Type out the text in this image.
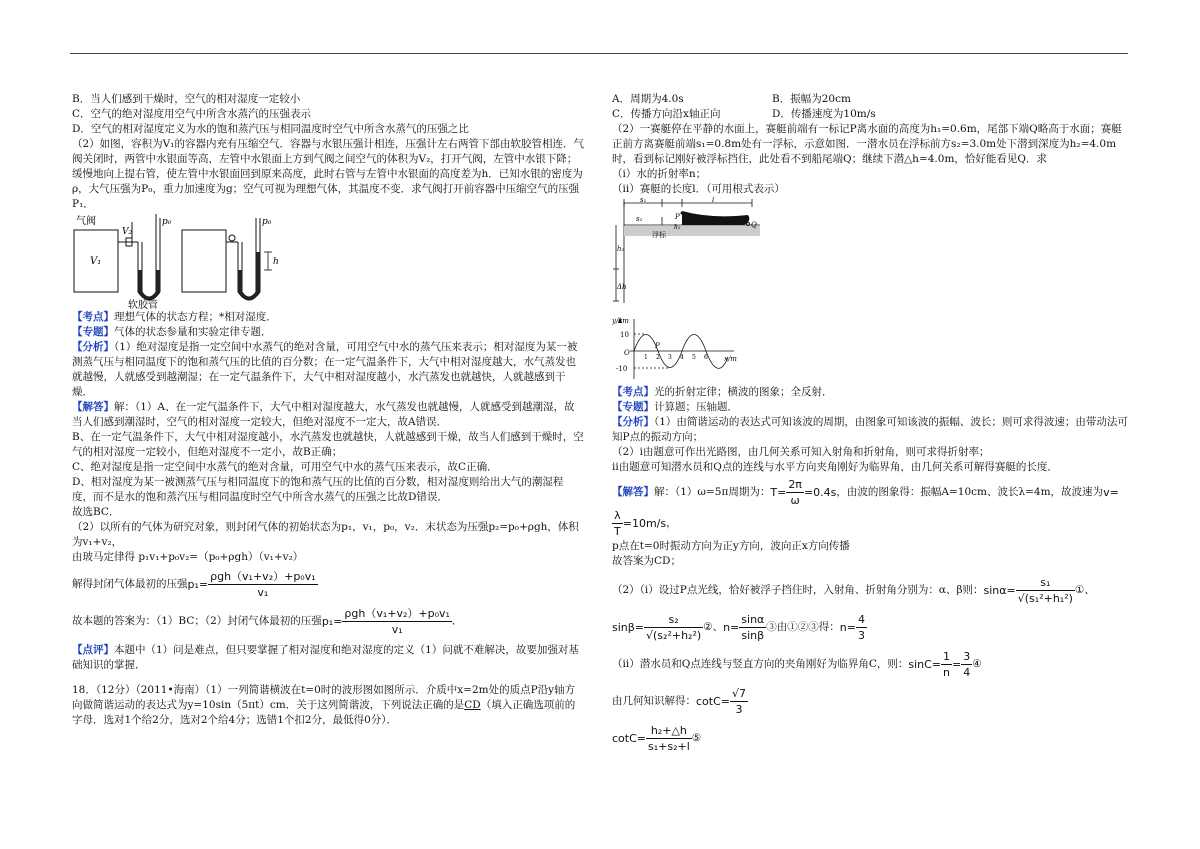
B．当人们感到干燥时，空气的相对湿度一定较小

C．空气的绝对湿度用空气中所含水蒸汽的压强表示

D．空气的相对湿度定义为水的饱和蒸汽压与相同温度时空气中所含水蒸气的压强之比

（2）如图，容积为V₁的容器内充有压缩空气．容器与水银压强计相连，压强计左右两管下部由软胶管相连．气阀关闭时，两管中水银面等高，左管中水银面上方到气阀之间空气的体积为V₂，打开气阀，左管中水银下降；缓慢地向上提右管，使左管中水银面回到原来高度，此时右管与左管中水银面的高度差为h．已知水银的密度为ρ，大气压强为P₀，重力加速度为g；空气可视为理想气体，其温度不变．求气阀打开前容器中压缩空气的压强P₁．

气阀
V₁
V₂
p₀	p₀
h
软胶管

【考点】理想气体的状态方程；*相对湿度．

【专题】气体的状态参量和实验定律专题．

【分析】（1）绝对湿度是指一定空间中水蒸气的绝对含量，可用空气中水的蒸气压来表示；相对湿度为某一被测蒸气压与相同温度下的饱和蒸气压的比值的百分数；在一定气温条件下，大气中相对湿度越大，水气蒸发也就越慢，人就感受到越潮湿；在一定气温条件下，大气中相对湿度越小，水汽蒸发也就越快，人就越感到干燥．

【解答】解：（1）A、在一定气温条件下，大气中相对湿度越大，水气蒸发也就越慢，人就感受到越潮湿，故当人们感到潮湿时，空气的相对湿度一定较大，但绝对湿度不一定大，故A错误．

B、在一定气温条件下，大气中相对湿度越小，水汽蒸发也就越快，人就越感到干燥，故当人们感到干燥时，空气的相对湿度一定较小，但绝对湿度不一定小，故B正确；

C、绝对湿度是指一定空间中水蒸气的绝对含量，可用空气中水的蒸气压来表示，故C正确．

D、相对湿度为某一被测蒸气压与相同温度下的饱和蒸气压的比值的百分数，相对湿度则给出大气的潮湿程度，而不是水的饱和蒸汽压与相同温度时空气中所含水蒸气的压强之比故D错误．

故选BC．

（2）以所有的气体为研究对象，则封闭气体的初始状态为p₁，v₁，p₀，v₂．末状态为压强p₂=p₀+ρgh，体积为v₁+v₂，

由玻马定律得 p₁v₁+p₀v₂=（p₀+ρgh）（v₁+v₂）

解得封闭气体最初的压强 $p_1= \frac{\text{ρgh（v₁+v₂）+p₀v₁}}{\text{v₁}}$
故本题的答案为：（1）BC；（2）封闭气体最初的压强 $p_1= \frac{\text{ρgh（v₁+v₂）+p₀v₁}}{\text{v₁}}$ ．

【点评】本题中（1）问是难点，但只要掌握了相对湿度和绝对湿度的定义（1）问就不难解决，故要加强对基础知识的掌握．

18．（12分）（2011•海南）（1）一列简谐横波在t=0时的波形图如图所示．介质中x=2m处的质点P沿y轴方向做简谐运动的表达式为y=10sin（5πt）cm．关于这列简谐波，下列说法正确的是CD（填入正确选项前的字母．选对1个给2分，选对2个给4分；选错1个扣2分，最低得0分）．

A．周期为4.0s	B．振幅为20cm
C．传播方向沿x轴正向	D．传播速度为10m/s

（2）一赛艇停在平静的水面上，赛艇前端有一标记P离水面的高度为h₁=0.6m，尾部下端Q略高于水面；赛艇正前方离赛艇前端s₁=0.8m处有一浮标，示意如图．一潜水员在浮标前方s₂=3.0m处下潜到深度为h₂=4.0m时，看到标记刚好被浮标挡住，此处看不到船尾端Q；继续下潜△h=4.0m，恰好能看见Q．求

（ⅰ）水的折射率n；

（ⅱ）赛艇的长度l．（可用根式表示）

s₁	l
P
Q
h₁
浮标
h₂
Δh
s₂
y/cm
x/m
P
O
10
-10
1 2 3 4 5 6

【考点】光的折射定律；横波的图象；全反射．

【专题】计算题；压轴题．

【分析】（1）由简谐运动的表达式可知该波的周期，由图象可知该波的振幅、波长；则可求得波速；由带动法可知P点的振动方向；

（2）i由题意可作出光路图，由几何关系可知入射角和折射角，则可求得折射率；

ii由题意可知潜水员和Q点的连线与水平方向夹角刚好为临界角，由几何关系可解得赛艇的长度．

【解答】 解：（1）ω=5π周期为： $T= \frac{2\pi}{\omega} =0.4s$ ，由波的图象得：振幅A=10cm、波长λ=4m，故波速为 v=
$\frac{\lambda}{T} =10m/s$ ，

p点在t=0时振动方向为正y方向，波向正x方向传播

故答案为CD；

（2）（ⅰ）设过P点光线，恰好被浮子挡住时，入射角、折射角分别为：α、β则： $\sin\alpha= \frac{\text{s₁}}{\text{√(s₁²+h₁²)}}$ ①、
$\sin\beta= \frac{\text{s₂}}{\text{√(s₂²+h₂²)}}$ ②、 $n= \frac{\sin\alpha}{\sin\beta}$ ③由①②③得： $n= \frac{4}{3}$
（ⅱ）潜水员和Q点连线与竖直方向的夹角刚好为临界角C，则： $\sin C= \frac{1}{n} = \frac{3}{4}$ ④
由几何知识解得： $\cot C= \frac{√7}{3}$
$\cot C= \frac{\text{h₂+△h}}{\text{s₁+s₂+l}}$ ⑤
